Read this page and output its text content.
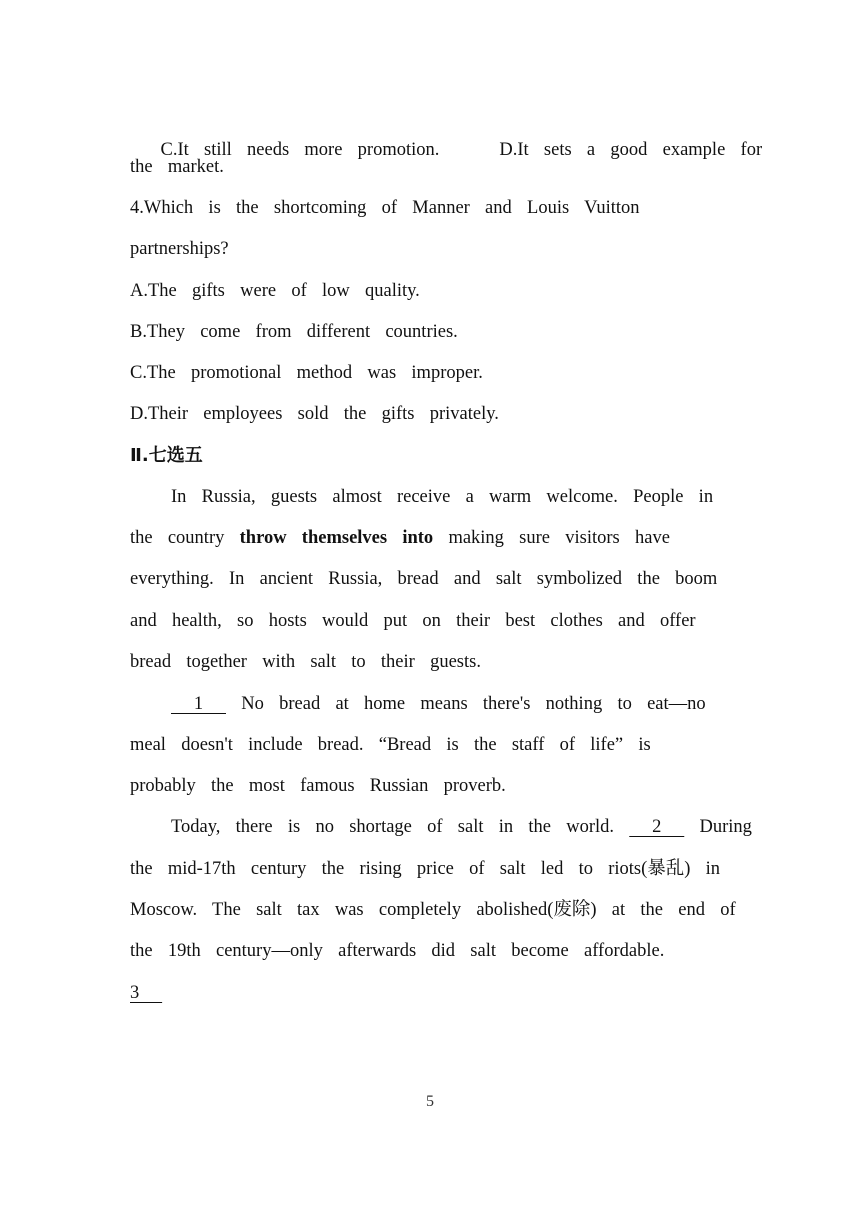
C.It  still  needs  more  promotion.	D.It  sets  a  good  example  for

the  market.
4.Which  is  the  shortcoming  of  Manner  and  Louis  Vuitton
partnerships?
A.The  gifts  were  of  low  quality.
B.They  come  from  different  countries.
C.The  promotional  method  was  improper.
D.Their  employees  sold  the  gifts  privately.
Ⅱ.七选五
In  Russia,  guests  almost  receive  a  warm  welcome.  People  in
the  country  throw  themselves  into  making  sure  visitors  have
everything.  In  ancient  Russia,  bread  and  salt  symbolized  the  boom
and  health,  so  hosts  would  put  on  their  best  clothes  and  offer
bread  together  with  salt  to  their  guests.
1     No  bread  at  home  means  there's  nothing  to  eat—no
meal  doesn't  include  bread.  “Bread  is  the  staff  of  life”  is
probably  the  most  famous  Russian  proverb.
Today,  there  is  no  shortage  of  salt  in  the  world.     2     During
the  mid-17th  century  the  rising  price  of  salt  led  to  riots(暴乱)  in
Moscow.  The  salt  tax  was  completely  abolished(废除)  at  the  end  of
the  19th  century—only  afterwards  did  salt  become  affordable.
3
5
